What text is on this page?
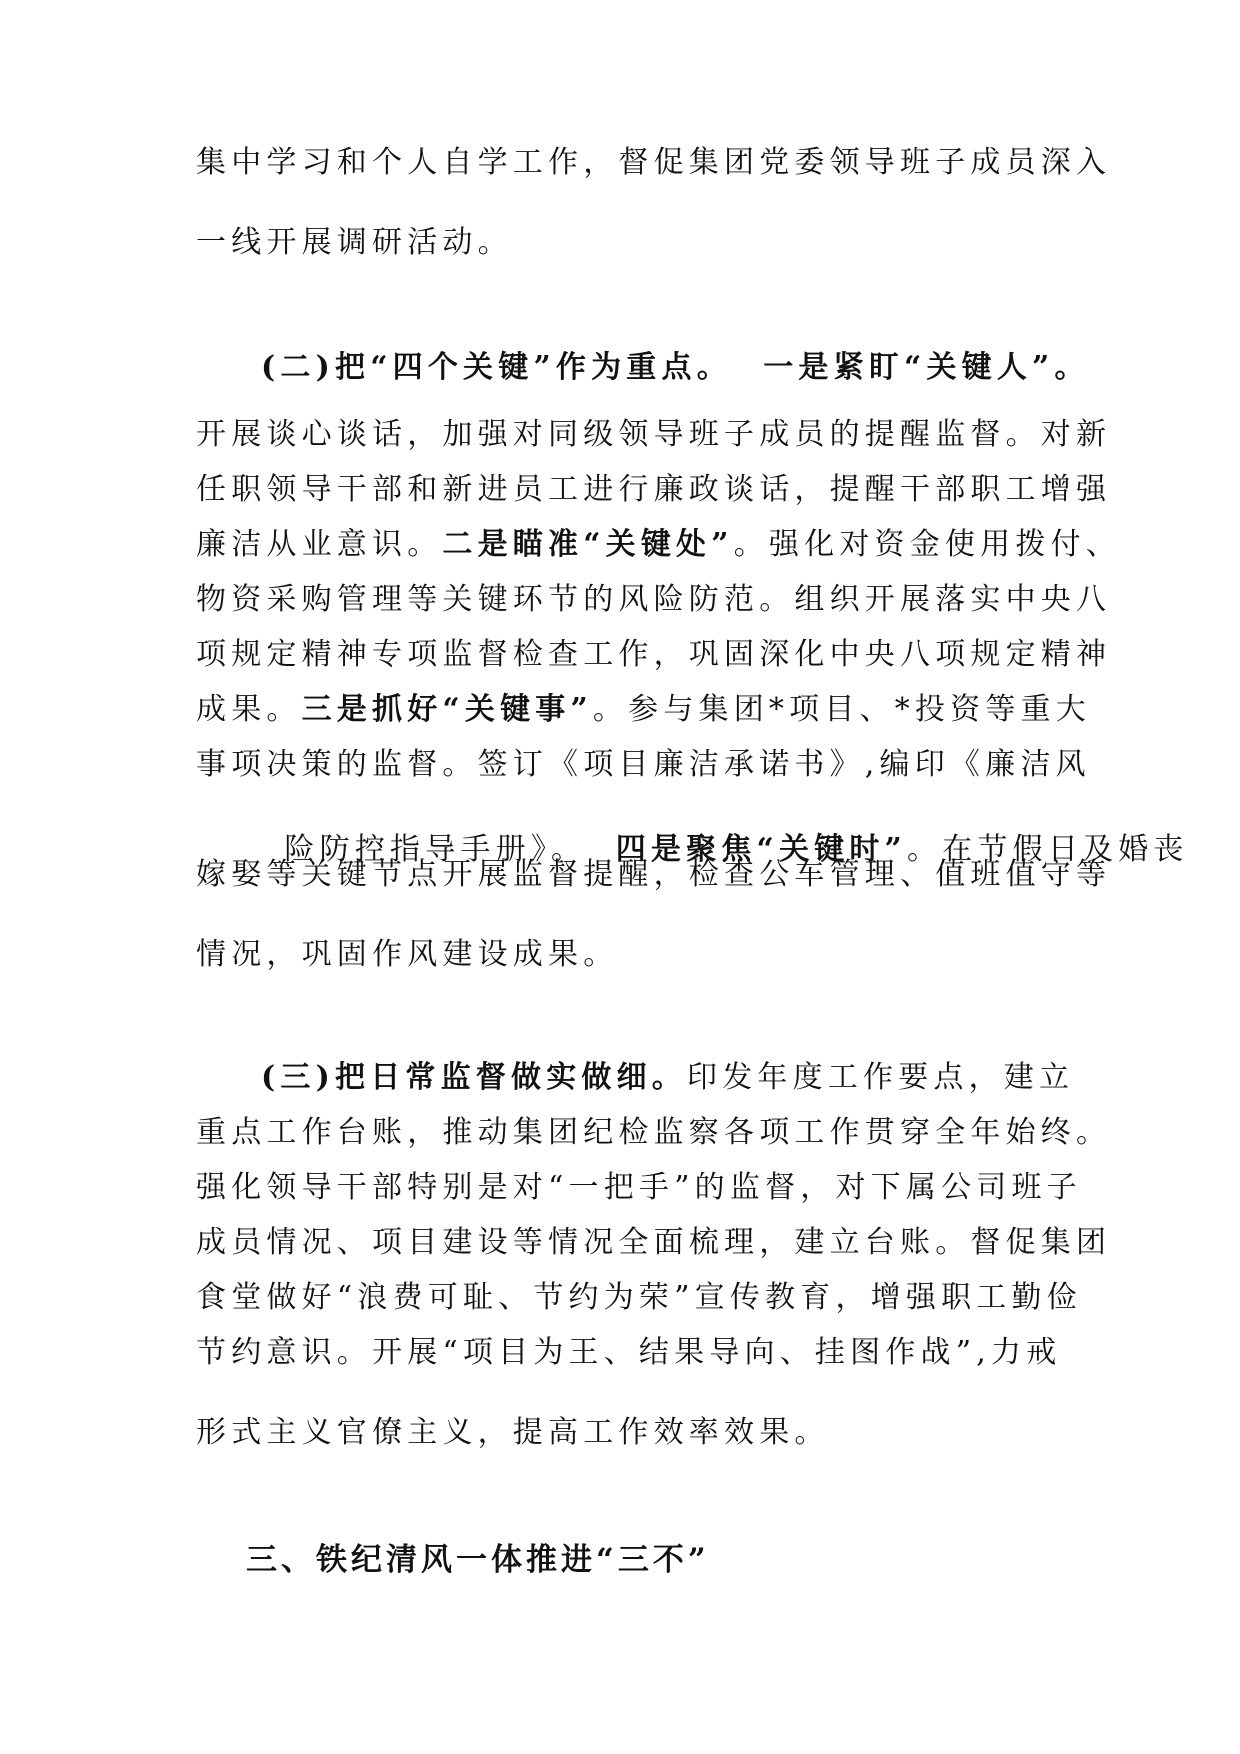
集中学习和个人自学工作，督促集团党委领导班子成员深入

一线开展调研活动。

(二)把“四个关键”作为重点。  一是紧盯“关键人”。

开展谈心谈话，加强对同级领导班子成员的提醒监督。对新

任职领导干部和新进员工进行廉政谈话，提醒干部职工增强

廉洁从业意识。二是瞄准“关键处”。强化对资金使用拨付、

物资采购管理等关键环节的风险防范。组织开展落实中央八

项规定精神专项监督检查工作，巩固深化中央八项规定精神

成果。三是抓好“关键事”。参与集团*项目、*投资等重大

事项决策的监督。签订《项目廉洁承诺书》,编印《廉洁风

险防控指导手册》。  四是聚焦“关键时”。在节假日及婚丧

嫁娶等关键节点开展监督提醒，检查公车管理、值班值守等

情况，巩固作风建设成果。

(三)把日常监督做实做细。印发年度工作要点，建立

重点工作台账，推动集团纪检监察各项工作贯穿全年始终。

强化领导干部特别是对“一把手”的监督，对下属公司班子

成员情况、项目建设等情况全面梳理，建立台账。督促集团

食堂做好“浪费可耻、节约为荣”宣传教育，增强职工勤俭

节约意识。开展“项目为王、结果导向、挂图作战”,力戒

形式主义官僚主义，提高工作效率效果。

三、铁纪清风一体推进“三不”
